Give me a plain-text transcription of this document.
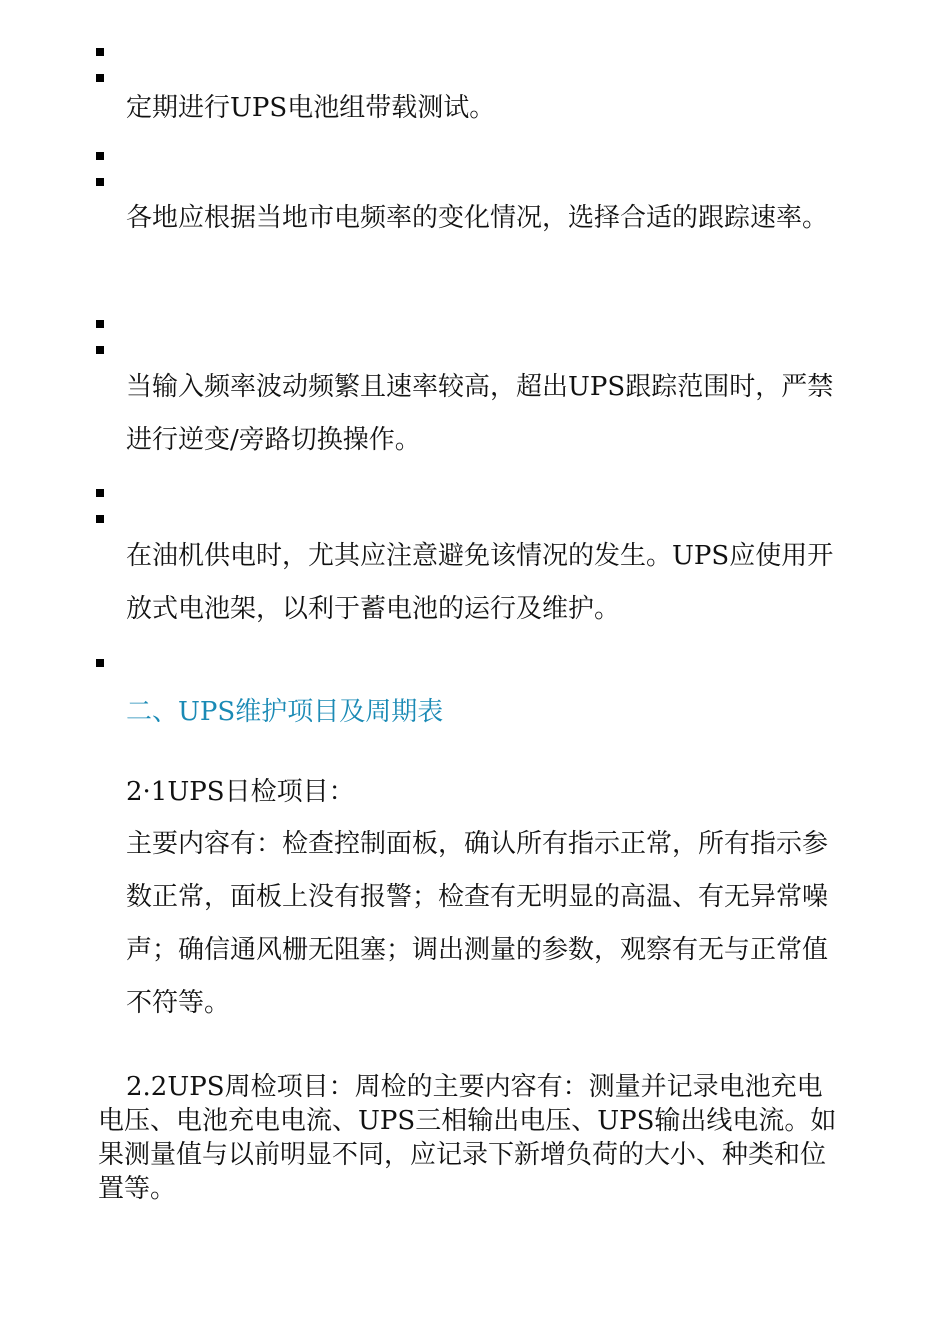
定期进行UPS电池组带载测试。

各地应根据当地市电频率的变化情况，选择合适的跟踪速率。

当输入频率波动频繁且速率较高，超出UPS跟踪范围时，严禁进行逆变/旁路切换操作。

在油机供电时，尤其应注意避免该情况的发生。UPS应使用开放式电池架，以利于蓄电池的运行及维护。

二、UPS维护项目及周期表

2·1UPS日检项目：

主要内容有：检查控制面板，确认所有指示正常，所有指示参数正常，面板上没有报警；检查有无明显的高温、有无异常噪声；确信通风栅无阻塞；调出测量的参数，观察有无与正常值不符等。

2.2UPS周检项目：周检的主要内容有：测量并记录电池充电电压、电池充电电流、UPS三相输出电压、UPS输出线电流。如果测量值与以前明显不同，应记录下新增负荷的大小、种类和位置等。
